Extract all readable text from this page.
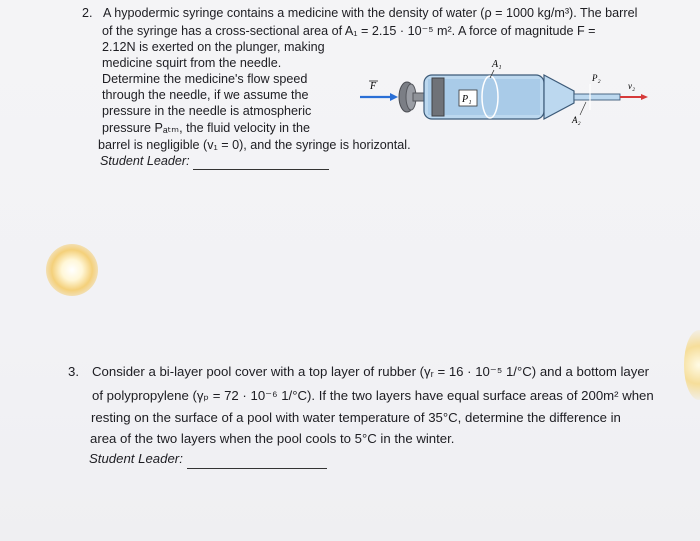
2. A hypodermic syringe contains a medicine with the density of water (ρ = 1000 kg/m³). The barrel
of the syringe has a cross-sectional area of A₁ = 2.15 · 10⁻⁵ m². A force of magnitude F =
2.12N is exerted on the plunger, making
medicine squirt from the needle.
Determine the medicine's flow speed
through the needle, if we assume the
pressure in the needle is atmospheric
pressure Pₐₜₘ, the fluid velocity in the
barrel is negligible (v₁ = 0), and the syringe is horizontal.
Student Leader:
F
A₁
P₁
P₂
A₂
v₂
3. Consider a bi-layer pool cover with a top layer of rubber (γᵣ = 16 · 10⁻⁵ 1/°C) and a bottom layer
of polypropylene (γₚ = 72 · 10⁻⁶ 1/°C). If the two layers have equal surface areas of 200m² when
resting on the surface of a pool with water temperature of 35°C, determine the difference in
area of the two layers when the pool cools to 5°C in the winter.
Student Leader:
